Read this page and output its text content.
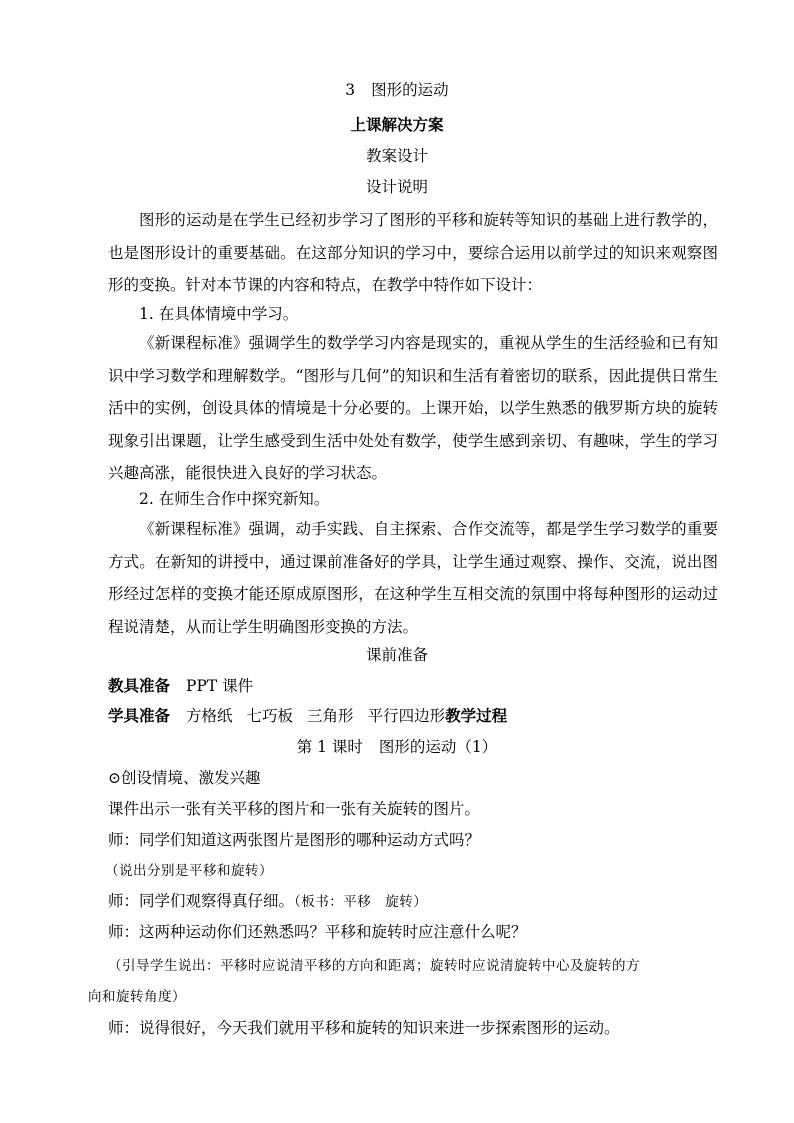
3 图形的运动
上课解决方案
教案设计
设计说明
图形的运动是在学生已经初步学习了图形的平移和旋转等知识的基础上进行教学的，也是图形设计的重要基础。在这部分知识的学习中，要综合运用以前学过的知识来观察图形的变换。针对本节课的内容和特点，在教学中特作如下设计：
1. 在具体情境中学习。
《新课程标准》强调学生的数学学习内容是现实的，重视从学生的生活经验和已有知识中学习数学和理解数学。“图形与几何”的知识和生活有着密切的联系，因此提供日常生活中的实例，创设具体的情境是十分必要的。上课开始，以学生熟悉的俄罗斯方块的旋转现象引出课题，让学生感受到生活中处处有数学，使学生感到亲切、有趣味，学生的学习兴趣高涨，能很快进入良好的学习状态。
2. 在师生合作中探究新知。
《新课程标准》强调，动手实践、自主探索、合作交流等，都是学生学习数学的重要方式。在新知的讲授中，通过课前准备好的学具，让学生通过观察、操作、交流，说出图形经过怎样的变换才能还原成原图形，在这种学生互相交流的氛围中将每种图形的运动过程说清楚，从而让学生明确图形变换的方法。
课前准备
教具准备 PPT 课件
学具准备 方格纸 七巧板 三角形 平行四边形教学过程
第 1 课时 图形的运动（1）
⊙创设情境、激发兴趣
课件出示一张有关平移的图片和一张有关旋转的图片。
师：同学们知道这两张图片是图形的哪种运动方式吗？
（说出分别是平移和旋转）
师：同学们观察得真仔细。（板书：平移　旋转）
师：这两种运动你们还熟悉吗？平移和旋转时应注意什么呢？
（引导学生说出：平移时应说清平移的方向和距离；旋转时应说清旋转中心及旋转的方
向和旋转角度）
师：说得很好，今天我们就用平移和旋转的知识来进一步探索图形的运动。
